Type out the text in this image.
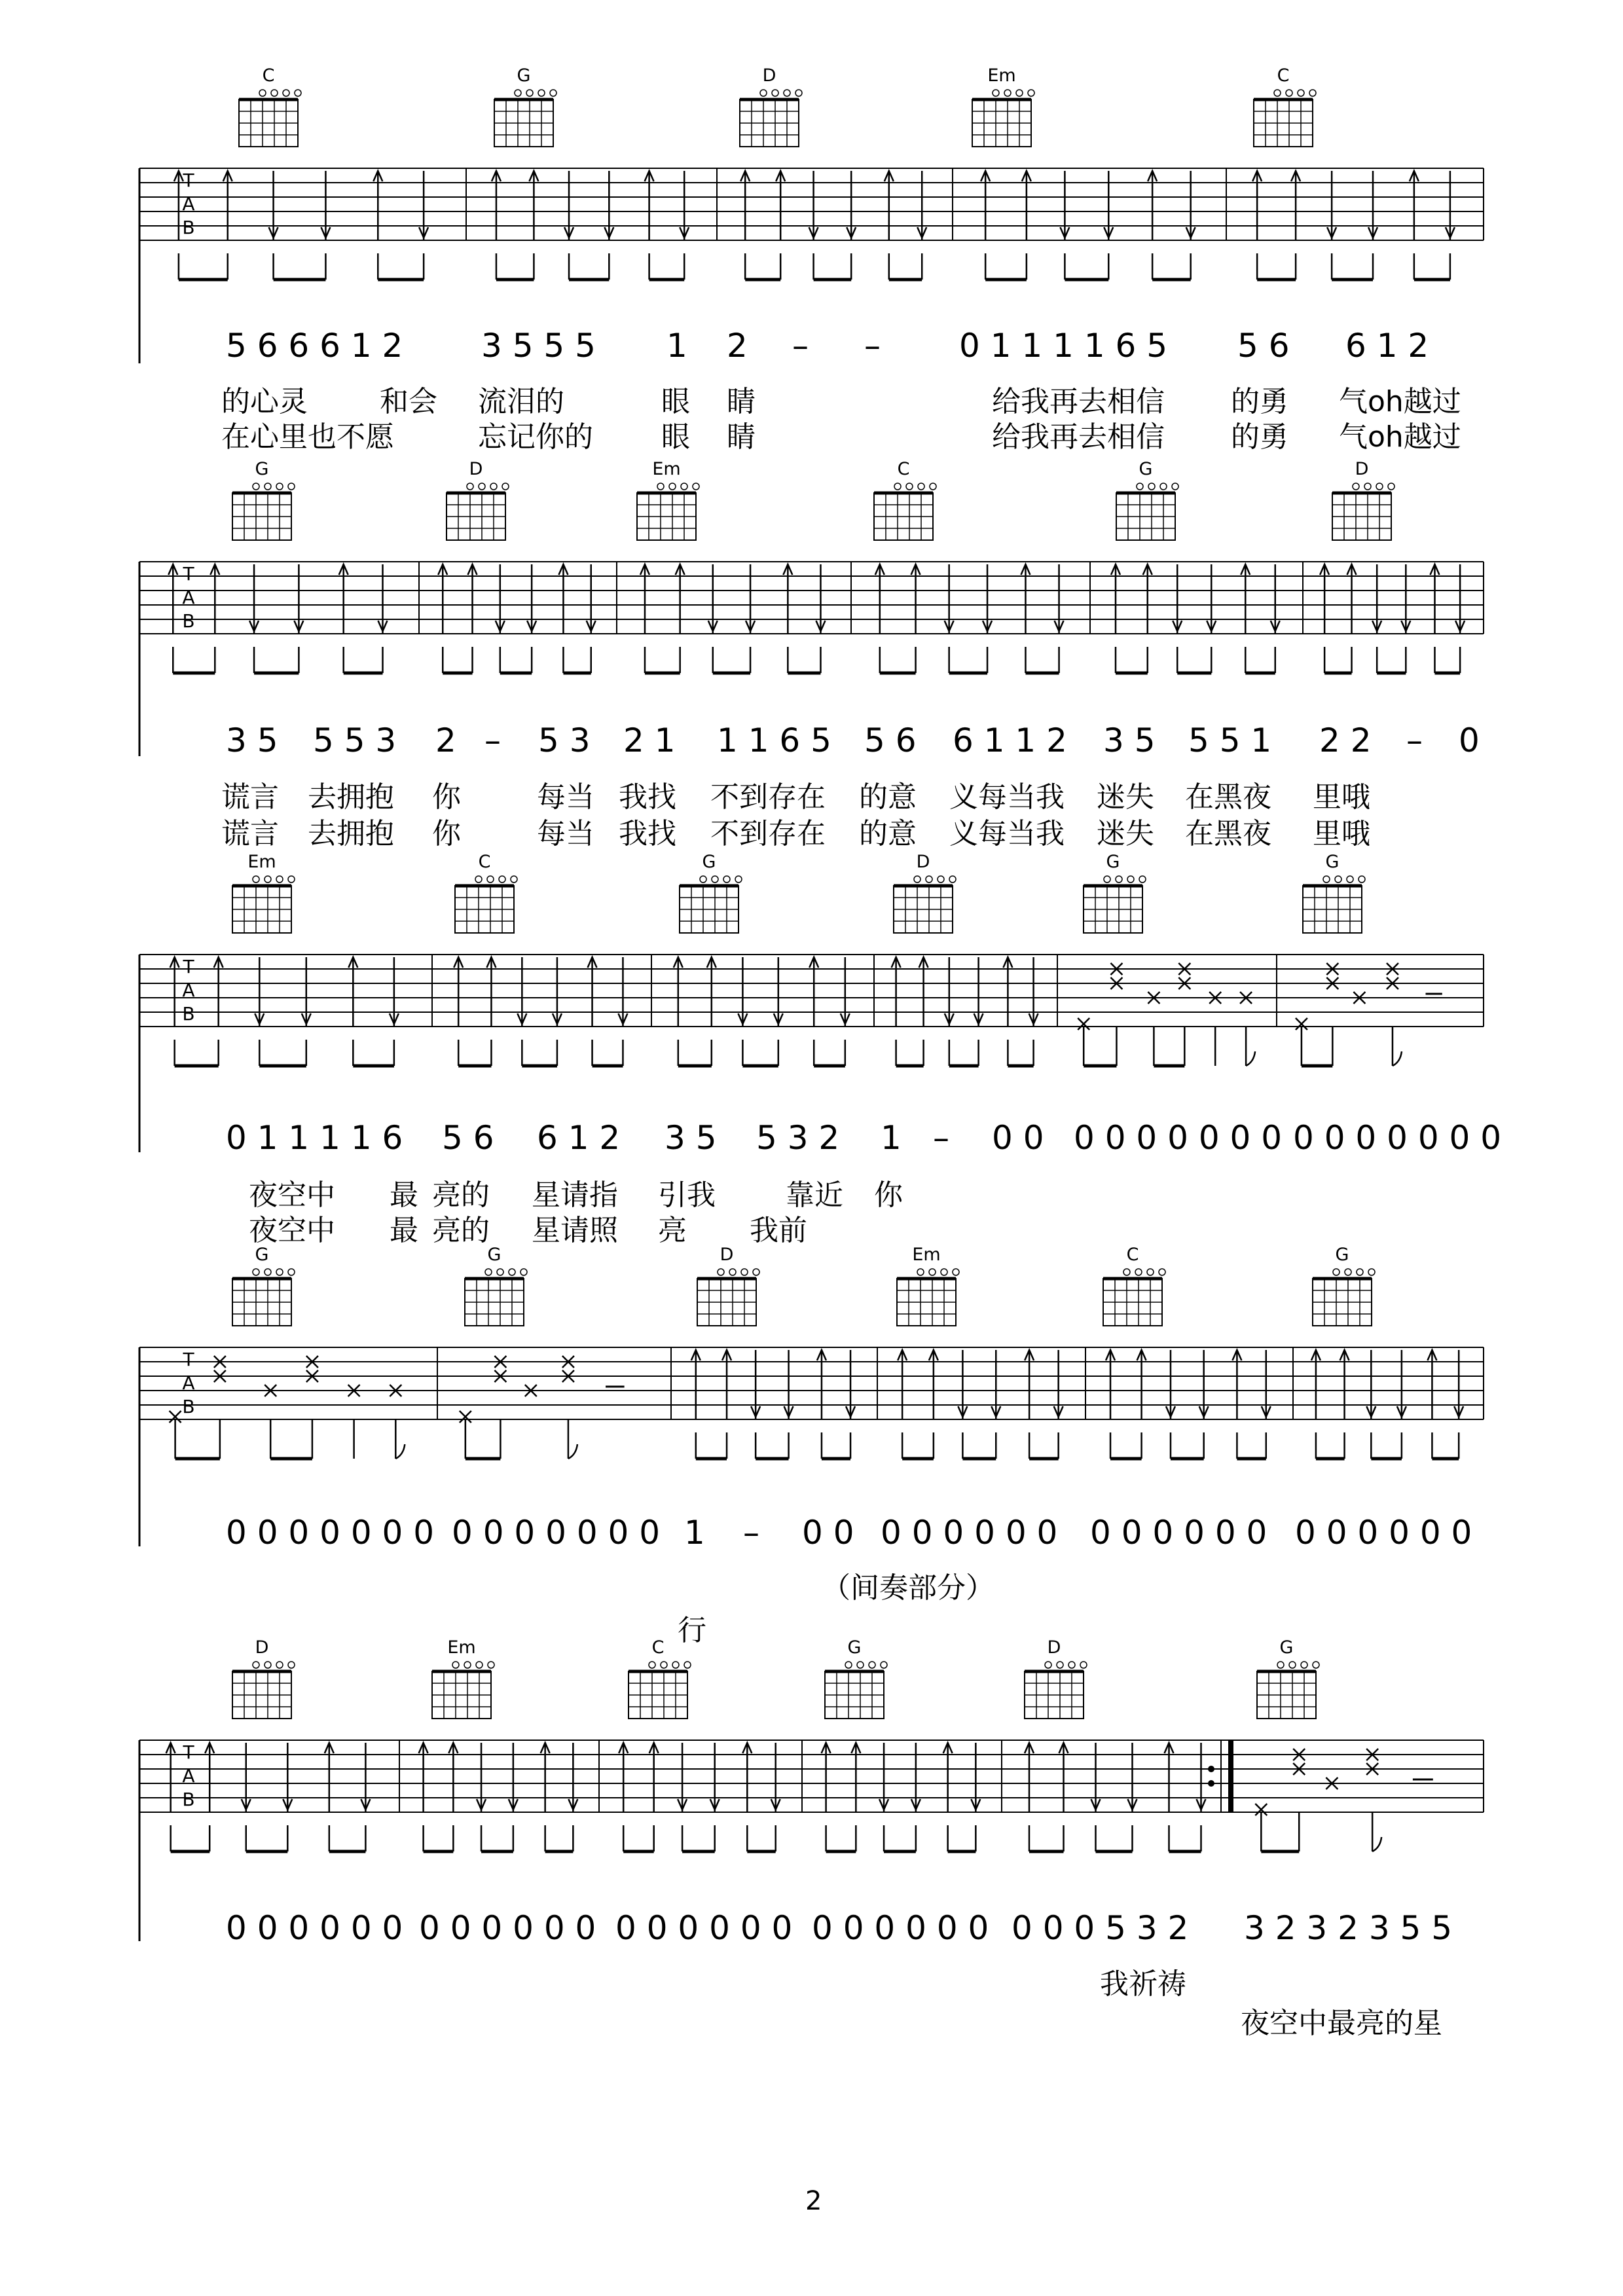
C	G	D	Em	C
G	D	Em	C	G	D
Em	C	G	D	G	G
G	G	D	Em	C	G
D	Em	C	G	D	G
T
A
B
T
A
B
T
A
B
T
A
B
T
A
B
5 6 6 6 1 2 3 5 5 5 1 2 – – 0 1 1 1 1 6 5 5 6 6 1 2
的心灵	和会 流泪的	眼 睛	给我再去相信 的勇 气oh越过
在心里也不愿	忘记你的 眼 睛	给我再去相信 的勇 气oh越过
3 5 5 5 3 2 – 5 3 2 1 1 1 6 5 5 6 6 1 1 2 3 5 5 5 1 2 2 – 0
谎言 去拥抱 你	每当 我找 不到存在 的意 义每当我 迷失 在黑夜 里哦
谎言 去拥抱 你	每当 我找 不到存在 的意 义每当我 迷失 在黑夜 里哦
0 1 1 1 1 6 5 6 6 1 2 3 5 5 3 2 1 – 0 0 0 0 0 0 0 0 0 0 0 0 0 0 0 0
夜空中 最 亮的 星请指 引我 靠近 你
夜空中 最 亮的 星请照 亮 我前
0 0 0 0 0 0 0 0 0 0 0 0 0 0 1 – 0 0 0 0 0 0 0 0 0 0 0 0 0 0 0 0 0 0 0 0
（间奏部分）
行
0 0 0 0 0 0 0 0 0 0 0 0 0 0 0 0 0 0 0 0 0 0 0 0 0 0 0 5 3 2 3 2 3 2 3 5 5
我祈祷
夜空中最亮的星
2
